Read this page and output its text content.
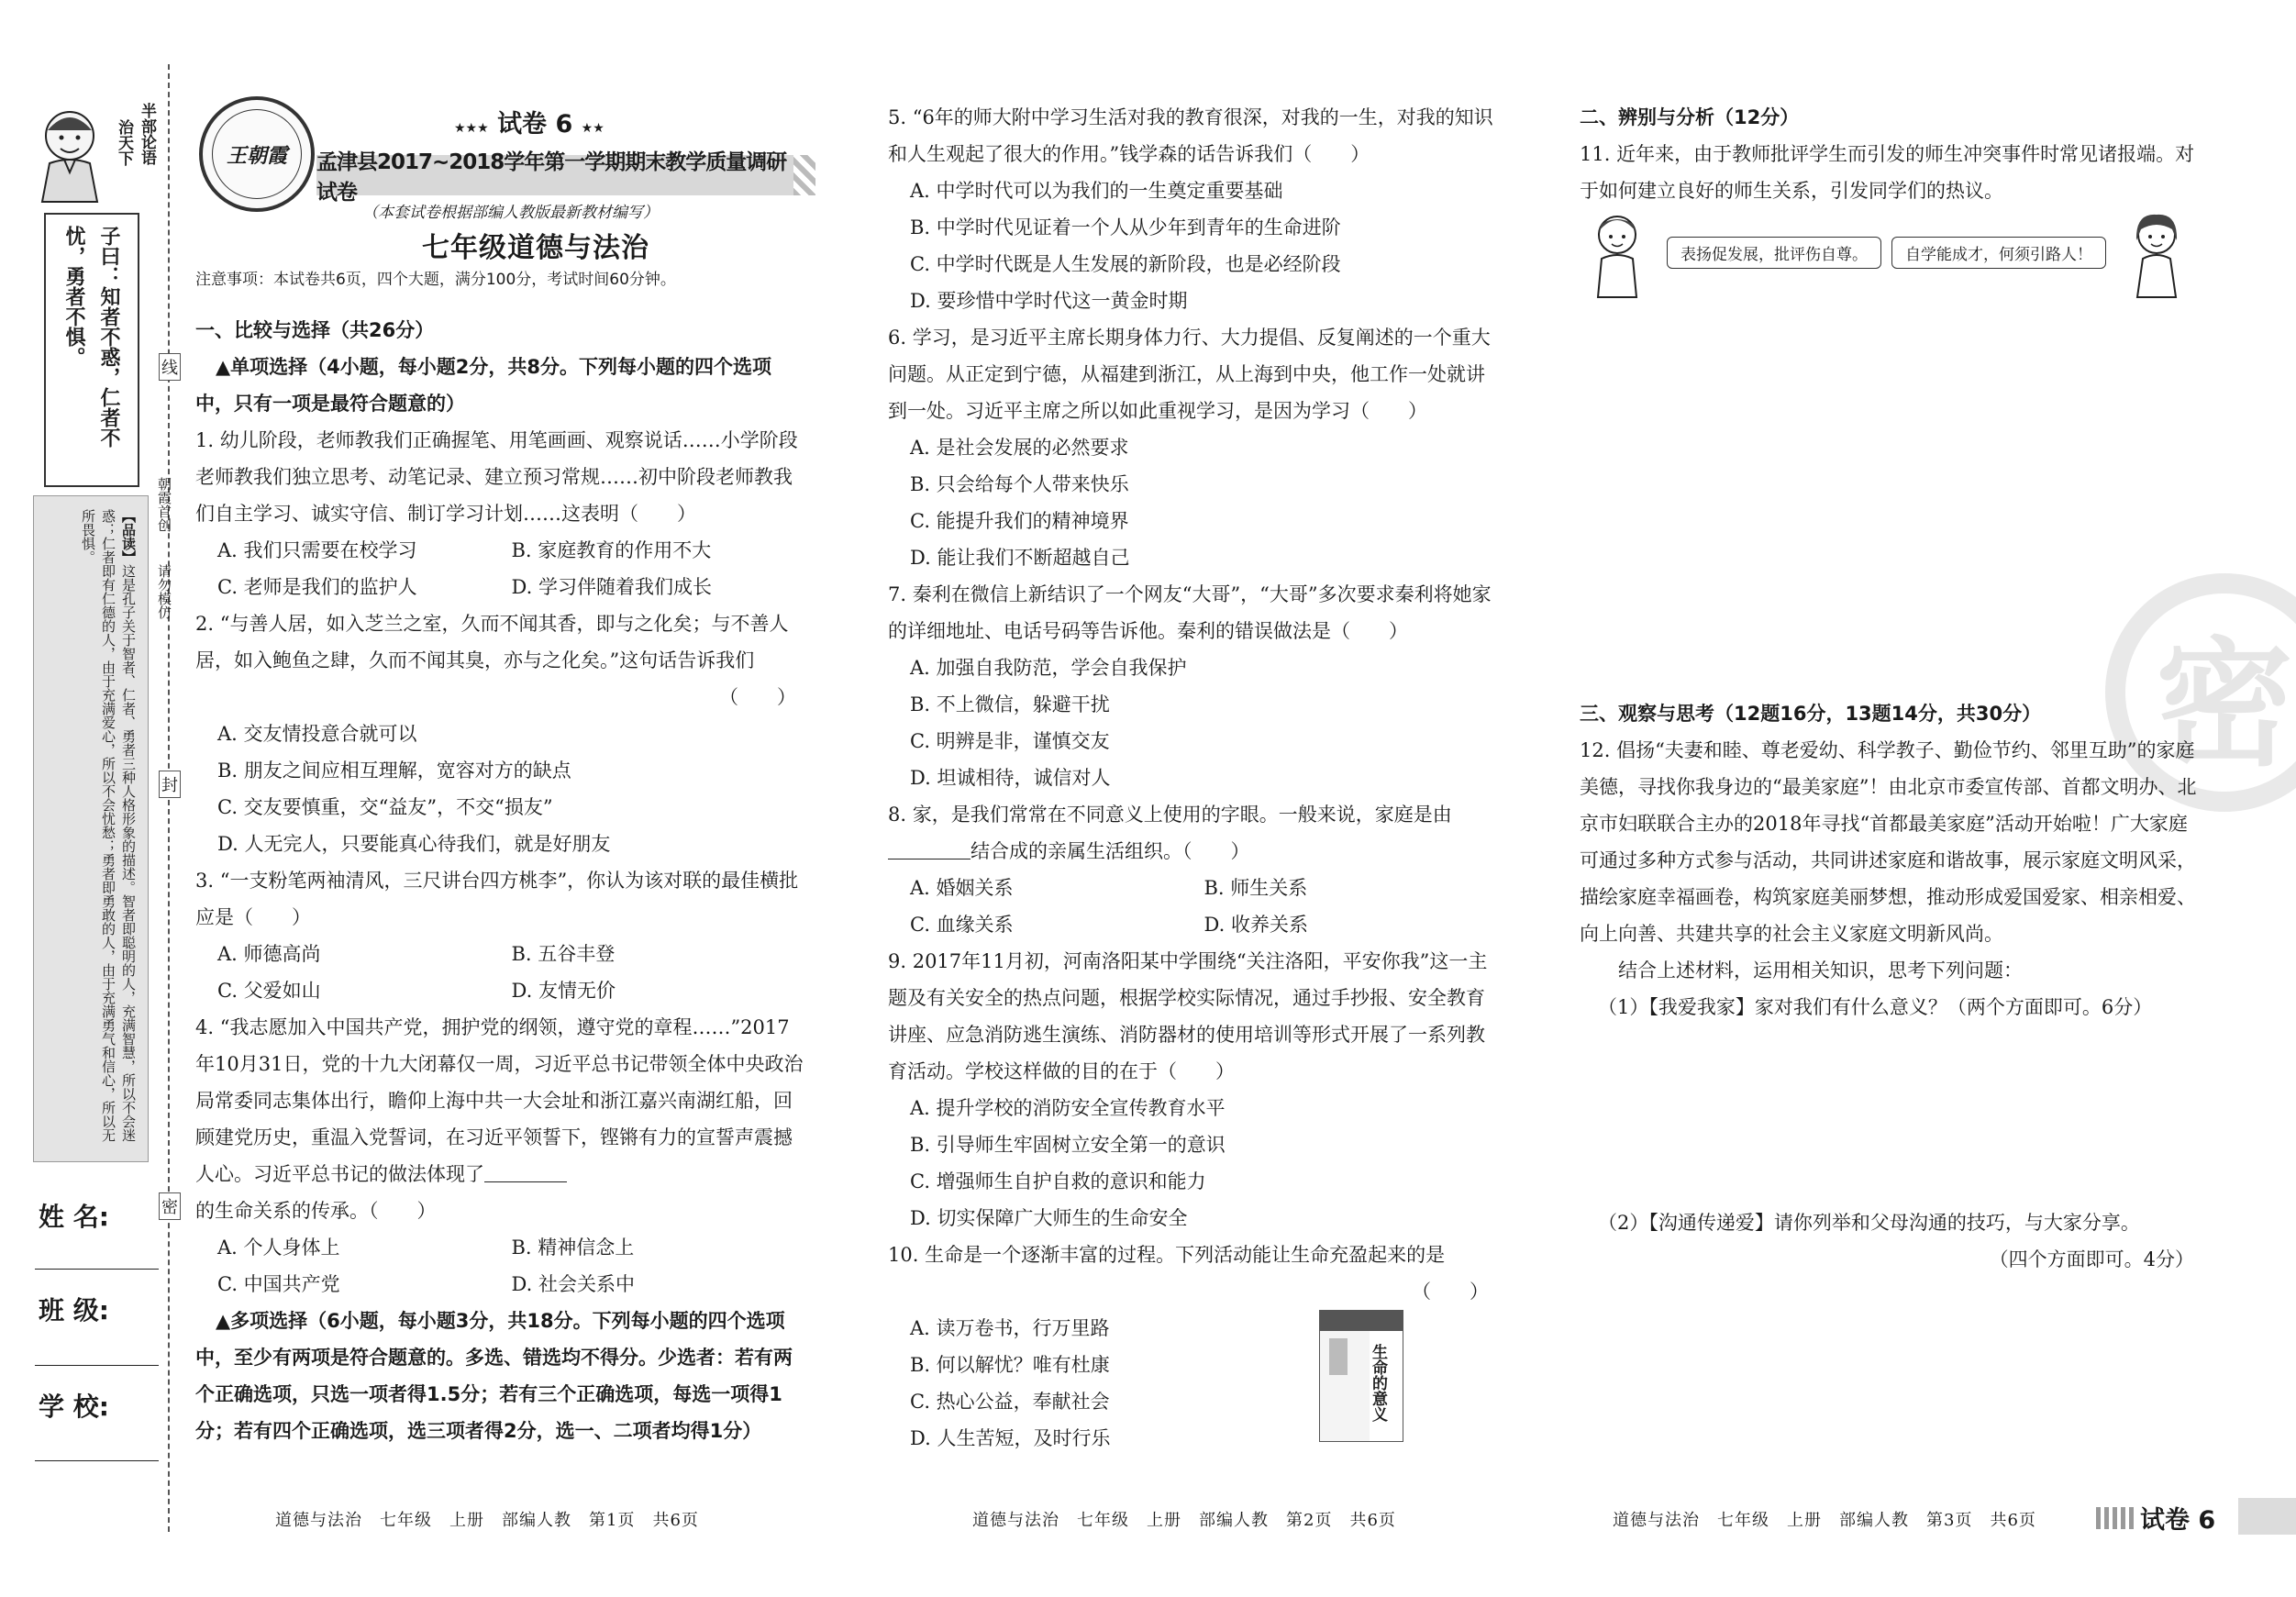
半部论语
治天下
子曰：知者不惑，仁者不忧，勇者不惧。
【品读】这是孔子关于智者、仁者、勇者三种人格形象的描述。智者即聪明的人，充满智慧，所以不会迷惑；仁者即有仁德的人，由于充满爱心，所以不会忧愁；勇者即勇敢的人，由于充满勇气和信心，所以无所畏惧。
线
封
密
朝霞首创
请勿模仿
姓 名:
班 级:
学 校:
王朝霞
★★★ 试卷 6 ★★
孟津县2017~2018学年第一学期期末教学质量调研试卷
（本套试卷根据部编人教版最新教材编写）
七年级道德与法治
注意事项：本试卷共6页，四个大题，满分100分，考试时间60分钟。
一、比较与选择（共26分）
▲单项选择（4小题，每小题2分，共8分。下列每小题的四个选项中，只有一项是最符合题意的）

1. 幼儿阶段，老师教我们正确握笔、用笔画画、观察说话……小学阶段老师教我们独立思考、动笔记录、建立预习常规……初中阶段老师教我们自主学习、诚实守信、制订学习计划……这表明（　　）

A. 我们只需要在校学习	B. 家庭教育的作用不大
C. 老师是我们的监护人	D. 学习伴随着我们成长

2. “与善人居，如入芝兰之室，久而不闻其香，即与之化矣；与不善人居，如入鲍鱼之肆，久而不闻其臭，亦与之化矣。”这句话告诉我们

（　　）
A. 交友情投意合就可以
B. 朋友之间应相互理解，宽容对方的缺点
C. 交友要慎重，交“益友”，不交“损友”
D. 人无完人，只要能真心待我们，就是好朋友

3. “一支粉笔两袖清风，三尺讲台四方桃李”，你认为该对联的最佳横批应是（　　）

A. 师德高尚	B. 五谷丰登
C. 父爱如山	D. 友情无价

4. “我志愿加入中国共产党，拥护党的纲领，遵守党的章程……”2017年10月31日，党的十九大闭幕仅一周，习近平总书记带领全体中央政治局常委同志集体出行，瞻仰上海中共一大会址和浙江嘉兴南湖红船，回顾建党历史，重温入党誓词，在习近平领誓下，铿锵有力的宣誓声震撼人心。习近平总书记的做法体现了的生命关系的传承。（　　）

A. 个人身体上	B. 精神信念上
C. 中国共产党	D. 社会关系中
▲多项选择（6小题，每小题3分，共18分。下列每小题的四个选项中，至少有两项是符合题意的。多选、错选均不得分。少选者：若有两个正确选项，只选一项者得1.5分；若有三个正确选项，每选一项得1分；若有四个正确选项，选三项者得2分，选一、二项者均得1分）
道德与法治　七年级　上册　部编人教　第1页　共6页

5. “6年的师大附中学习生活对我的教育很深，对我的一生，对我的知识和人生观起了很大的作用。”钱学森的话告诉我们（　　）

A. 中学时代可以为我们的一生奠定重要基础
B. 中学时代见证着一个人从少年到青年的生命进阶
C. 中学时代既是人生发展的新阶段，也是必经阶段
D. 要珍惜中学时代这一黄金时期

6. 学习，是习近平主席长期身体力行、大力提倡、反复阐述的一个重大问题。从正定到宁德，从福建到浙江，从上海到中央，他工作一处就讲到一处。习近平主席之所以如此重视学习，是因为学习（　　）

A. 是社会发展的必然要求
B. 只会给每个人带来快乐
C. 能提升我们的精神境界
D. 能让我们不断超越自己

7. 秦利在微信上新结识了一个网友“大哥”，“大哥”多次要求秦利将她家的详细地址、电话号码等告诉他。秦利的错误做法是（　　）

A. 加强自我防范，学会自我保护
B. 不上微信，躲避干扰
C. 明辨是非，谨慎交友
D. 坦诚相待，诚信对人

8. 家，是我们常常在不同意义上使用的字眼。一般来说，家庭是由结合成的亲属生活组织。（　　）

A. 婚姻关系	B. 师生关系
C. 血缘关系	D. 收养关系

9. 2017年11月初，河南洛阳某中学围绕“关注洛阳，平安你我”这一主题及有关安全的热点问题，根据学校实际情况，通过手抄报、安全教育讲座、应急消防逃生演练、消防器材的使用培训等形式开展了一系列教育活动。学校这样做的目的在于（　　）

A. 提升学校的消防安全宣传教育水平
B. 引导师生牢固树立安全第一的意识
C. 增强师生自护自救的意识和能力
D. 切实保障广大师生的生命安全

10. 生命是一个逐渐丰富的过程。下列活动能让生命充盈起来的是

（　　）
A. 读万卷书，行万里路
B. 何以解忧？唯有杜康
C. 热心公益，奉献社会
D. 人生苦短，及时行乐
生命的意义
道德与法治　七年级　上册　部编人教　第2页　共6页
密
二、辨别与分析（12分）

11. 近年来，由于教师批评学生而引发的师生冲突事件时常见诸报端。对于如何建立良好的师生关系，引发同学们的热议。

表扬促发展，批评伤自尊。	自学能成才，何须引路人！
三、观察与思考（12题16分，13题14分，共30分）

12. 倡扬“夫妻和睦、尊老爱幼、科学教子、勤俭节约、邻里互助”的家庭美德，寻找你我身边的“最美家庭”！由北京市委宣传部、首都文明办、北京市妇联联合主办的2018年寻找“首都最美家庭”活动开始啦！广大家庭可通过多种方式参与活动，共同讲述家庭和谐故事，展示家庭文明风采，描绘家庭幸福画卷，构筑家庭美丽梦想，推动形成爱国爱家、相亲相爱、向上向善、共建共享的社会主义家庭文明新风尚。

结合上述材料，运用相关知识，思考下列问题：

（1）【我爱我家】家对我们有什么意义？（两个方面即可。6分）

（2）【沟通传递爱】请你列举和父母沟通的技巧，与大家分享。

（四个方面即可。4分）
道德与法治　七年级　上册　部编人教　第3页　共6页	试卷 6
